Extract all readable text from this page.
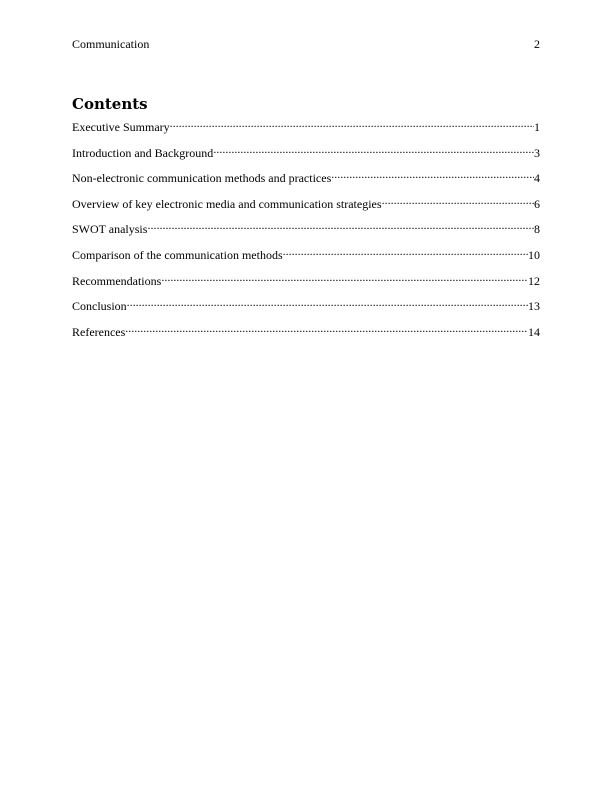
Communication	2
Contents
Executive Summary .....	1
Introduction and Background .....	3
Non-electronic communication methods and practices .....	4
Overview of key electronic media and communication strategies .....	6
SWOT analysis .....	8
Comparison of the communication methods .....	10
Recommendations .....	12
Conclusion .....	13
References .....	14
